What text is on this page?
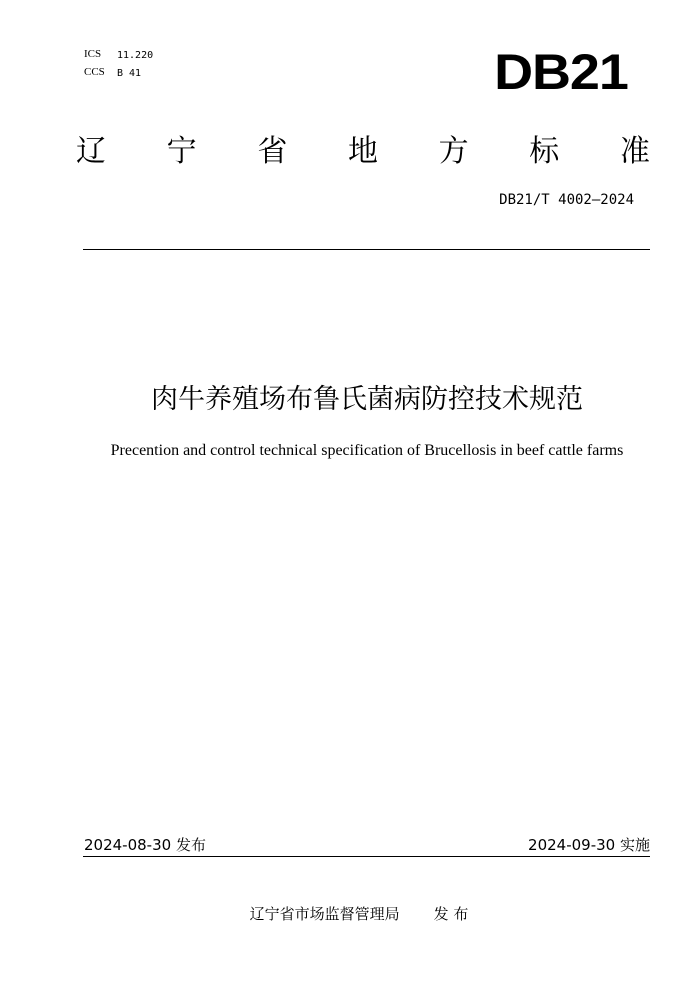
ICS 11.220
CCS B 41	DB21
辽 宁 省 地 方 标 准
DB21/T 4002—2024
肉牛养殖场布鲁氏菌病防控技术规范
Precention and control technical specification of Brucellosis in beef cattle farms
2024-08-30 发布	2024-09-30 实施
辽宁省市场监督管理局 发 布
